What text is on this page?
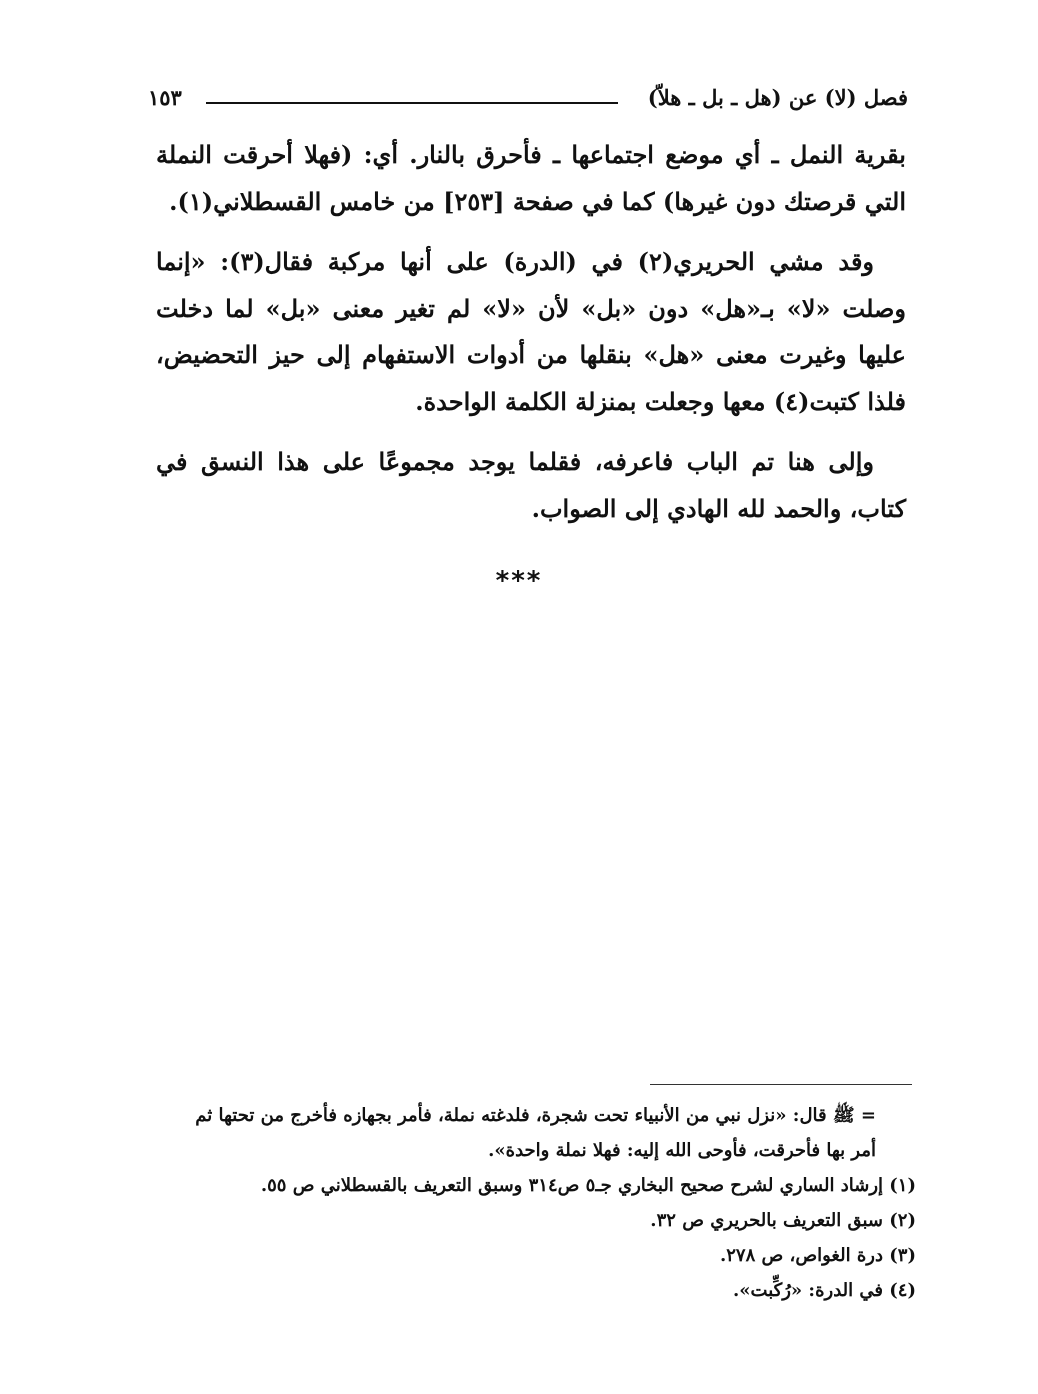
فصل (لا) عن (هل ـ بل ـ هلاّ)
١٥٣

بقرية النمل ـ أي موضع اجتماعها ـ فأحرق بالنار. أي: (فهلا أحرقت النملة التي قرصتك دون غيرها) كما في صفحة [٢٥٣] من خامس القسطلاني(١).

وقد مشي الحريري(٢) في (الدرة) على أنها مركبة فقال(٣): «إنما وصلت «لا» بـ«هل» دون «بل» لأن «لا» لم تغير معنى «بل» لما دخلت عليها وغيرت معنى «هل» بنقلها من أدوات الاستفهام إلى حيز التحضيض، فلذا كتبت(٤) معها وجعلت بمنزلة الكلمة الواحدة.

وإلى هنا تم الباب فاعرفه، فقلما يوجد مجموعًا على هذا النسق في كتاب، والحمد لله الهادي إلى الصواب.

***
= ﷺ قال: «نزل نبي من الأنبياء تحت شجرة، فلدغته نملة، فأمر بجهازه فأخرج من تحتها ثم أمر بها فأحرقت، فأوحى الله إليه: فهلا نملة واحدة».

(١) إرشاد الساري لشرح صحيح البخاري جـ٥ ص٣١٤ وسبق التعريف بالقسطلاني ص ٥٥.

(٢) سبق التعريف بالحريري ص ٣٢.

(٣) درة الغواص، ص ٢٧٨.

(٤) في الدرة: «رُكِّبت».
